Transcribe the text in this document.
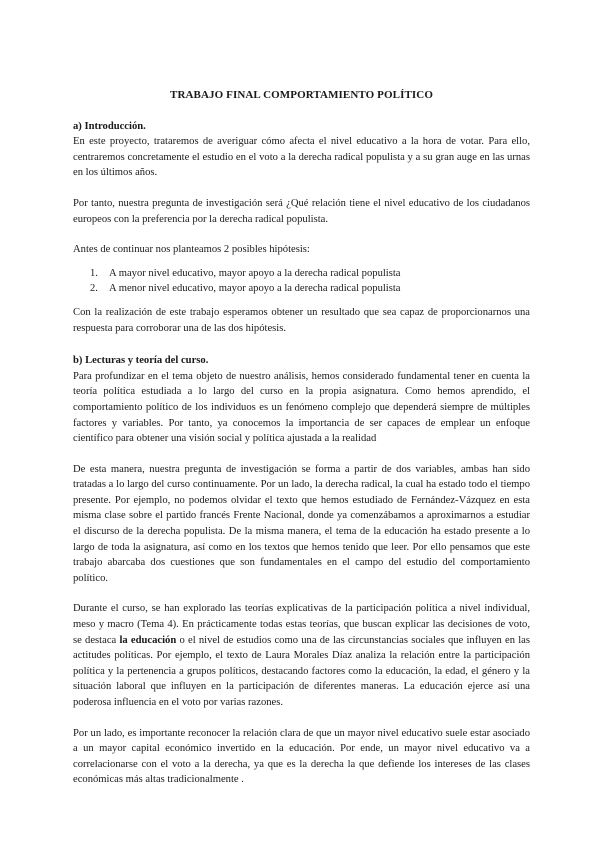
TRABAJO FINAL COMPORTAMIENTO POLÍTICO
a) Introducción.

En este proyecto, trataremos de averiguar cómo afecta el nivel educativo a la hora de votar. Para ello, centraremos concretamente el estudio en el voto a la derecha radical populista y a su gran auge en las urnas en los últimos años.

Por tanto, nuestra pregunta de investigación será ¿Qué relación tiene el nivel educativo de los ciudadanos europeos con la preferencia por la derecha radical populista.

Antes de continuar nos planteamos 2 posibles hipótesis:

1. A mayor nivel educativo, mayor apoyo a la derecha radical populista
2. A menor nivel educativo, mayor apoyo a la derecha radical populista

Con la realización de este trabajo esperamos obtener un resultado que sea capaz de proporcionarnos una respuesta para corroborar una de las dos hipótesis.

b) Lecturas y teoría del curso.

Para profundizar en el tema objeto de nuestro análisis, hemos considerado fundamental tener en cuenta la teoría política estudiada a lo largo del curso en la propia asignatura. Como hemos aprendido, el comportamiento político de los individuos es un fenómeno complejo que dependerá siempre de múltiples factores y variables. Por tanto, ya conocemos la importancia de ser capaces de emplear un enfoque científico para obtener una visión social y política ajustada a la realidad

De esta manera, nuestra pregunta de investigación se forma a partir de dos variables, ambas han sido tratadas a lo largo del curso continuamente. Por un lado, la derecha radical, la cual ha estado todo el tiempo presente. Por ejemplo, no podemos olvidar el texto que hemos estudiado de Fernández-Vázquez en esta misma clase sobre el partido francés Frente Nacional, donde ya comenzábamos a aproximarnos a estudiar el discurso de la derecha populista. De la misma manera, el tema de la educación ha estado presente a lo largo de toda la asignatura, así como en los textos que hemos tenido que leer. Por ello pensamos que este trabajo abarcaba dos cuestiones que son fundamentales en el campo del estudio del comportamiento político.

Durante el curso, se han explorado las teorías explicativas de la participación política a nivel individual, meso y macro (Tema 4). En prácticamente todas estas teorías, que buscan explicar las decisiones de voto, se destaca la educación o el nivel de estudios como una de las circunstancias sociales que influyen en las actitudes políticas. Por ejemplo, el texto de Laura Morales Díaz analiza la relación entre la participación política y la pertenencia a grupos políticos, destacando factores como la educación, la edad, el género y la situación laboral que influyen en la participación de diferentes maneras. La educación ejerce así una poderosa influencia en el voto por varias razones.

Por un lado, es importante reconocer la relación clara de que un mayor nivel educativo suele estar asociado a un mayor capital económico invertido en la educación. Por ende, un mayor nivel educativo va a correlacionarse con el voto a la derecha, ya que es la derecha la que defiende los intereses de las clases económicas más altas tradicionalmente .
